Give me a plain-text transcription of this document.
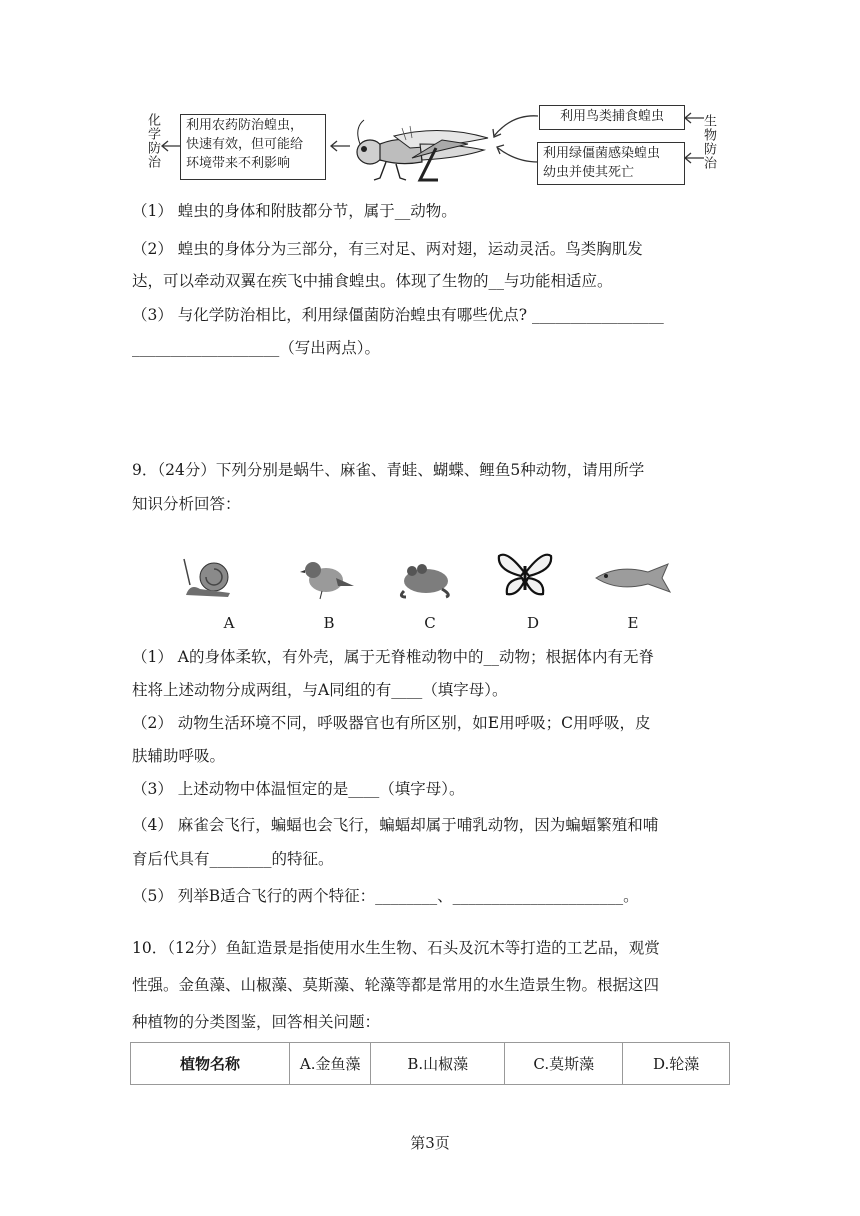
化学防治 利用农药防治蝗虫，
快速有效，但可能给
环境带来不利影响
利用鸟类捕食蝗虫
利用绿僵菌感染蝗虫
幼虫并使其死亡
生物防治
（1） 蝗虫的身体和附肢都分节，属于__动物。
（2） 蝗虫的身体分为三部分，有三对足、两对翅，运动灵活。鸟类胸肌发
达，可以牵动双翼在疾飞中捕食蝗虫。体现了生物的__与功能相适应。
（3） 与化学防治相比，利用绿僵菌防治蝗虫有哪些优点? _________________
___________________（写出两点）。
9．（24分）下列分别是蜗牛、麻雀、青蛙、蝴蝶、鲤鱼5种动物，请用所学
知识分析回答：
A	B	C	D	E
（1） A的身体柔软，有外壳，属于无脊椎动物中的__动物；根据体内有无脊
柱将上述动物分成两组，与A同组的有____（填字母）。
（2） 动物生活环境不同，呼吸器官也有所区别，如E用呼吸；C用呼吸，皮
肤辅助呼吸。
（3） 上述动物中体温恒定的是____（填字母）。
（4） 麻雀会飞行，蝙蝠也会飞行，蝙蝠却属于哺乳动物，因为蝙蝠繁殖和哺
育后代具有________的特征。
（5） 列举B适合飞行的两个特征：________、______________________。
10．（12分）鱼缸造景是指使用水生生物、石头及沉木等打造的工艺品，观赏
性强。金鱼藻、山椒藻、莫斯藻、轮藻等都是常用的水生造景生物。根据这四
种植物的分类图鉴，回答相关问题：
植物名称	A.金鱼藻	B.山椒藻	C.莫斯藻	D.轮藻
第3页
